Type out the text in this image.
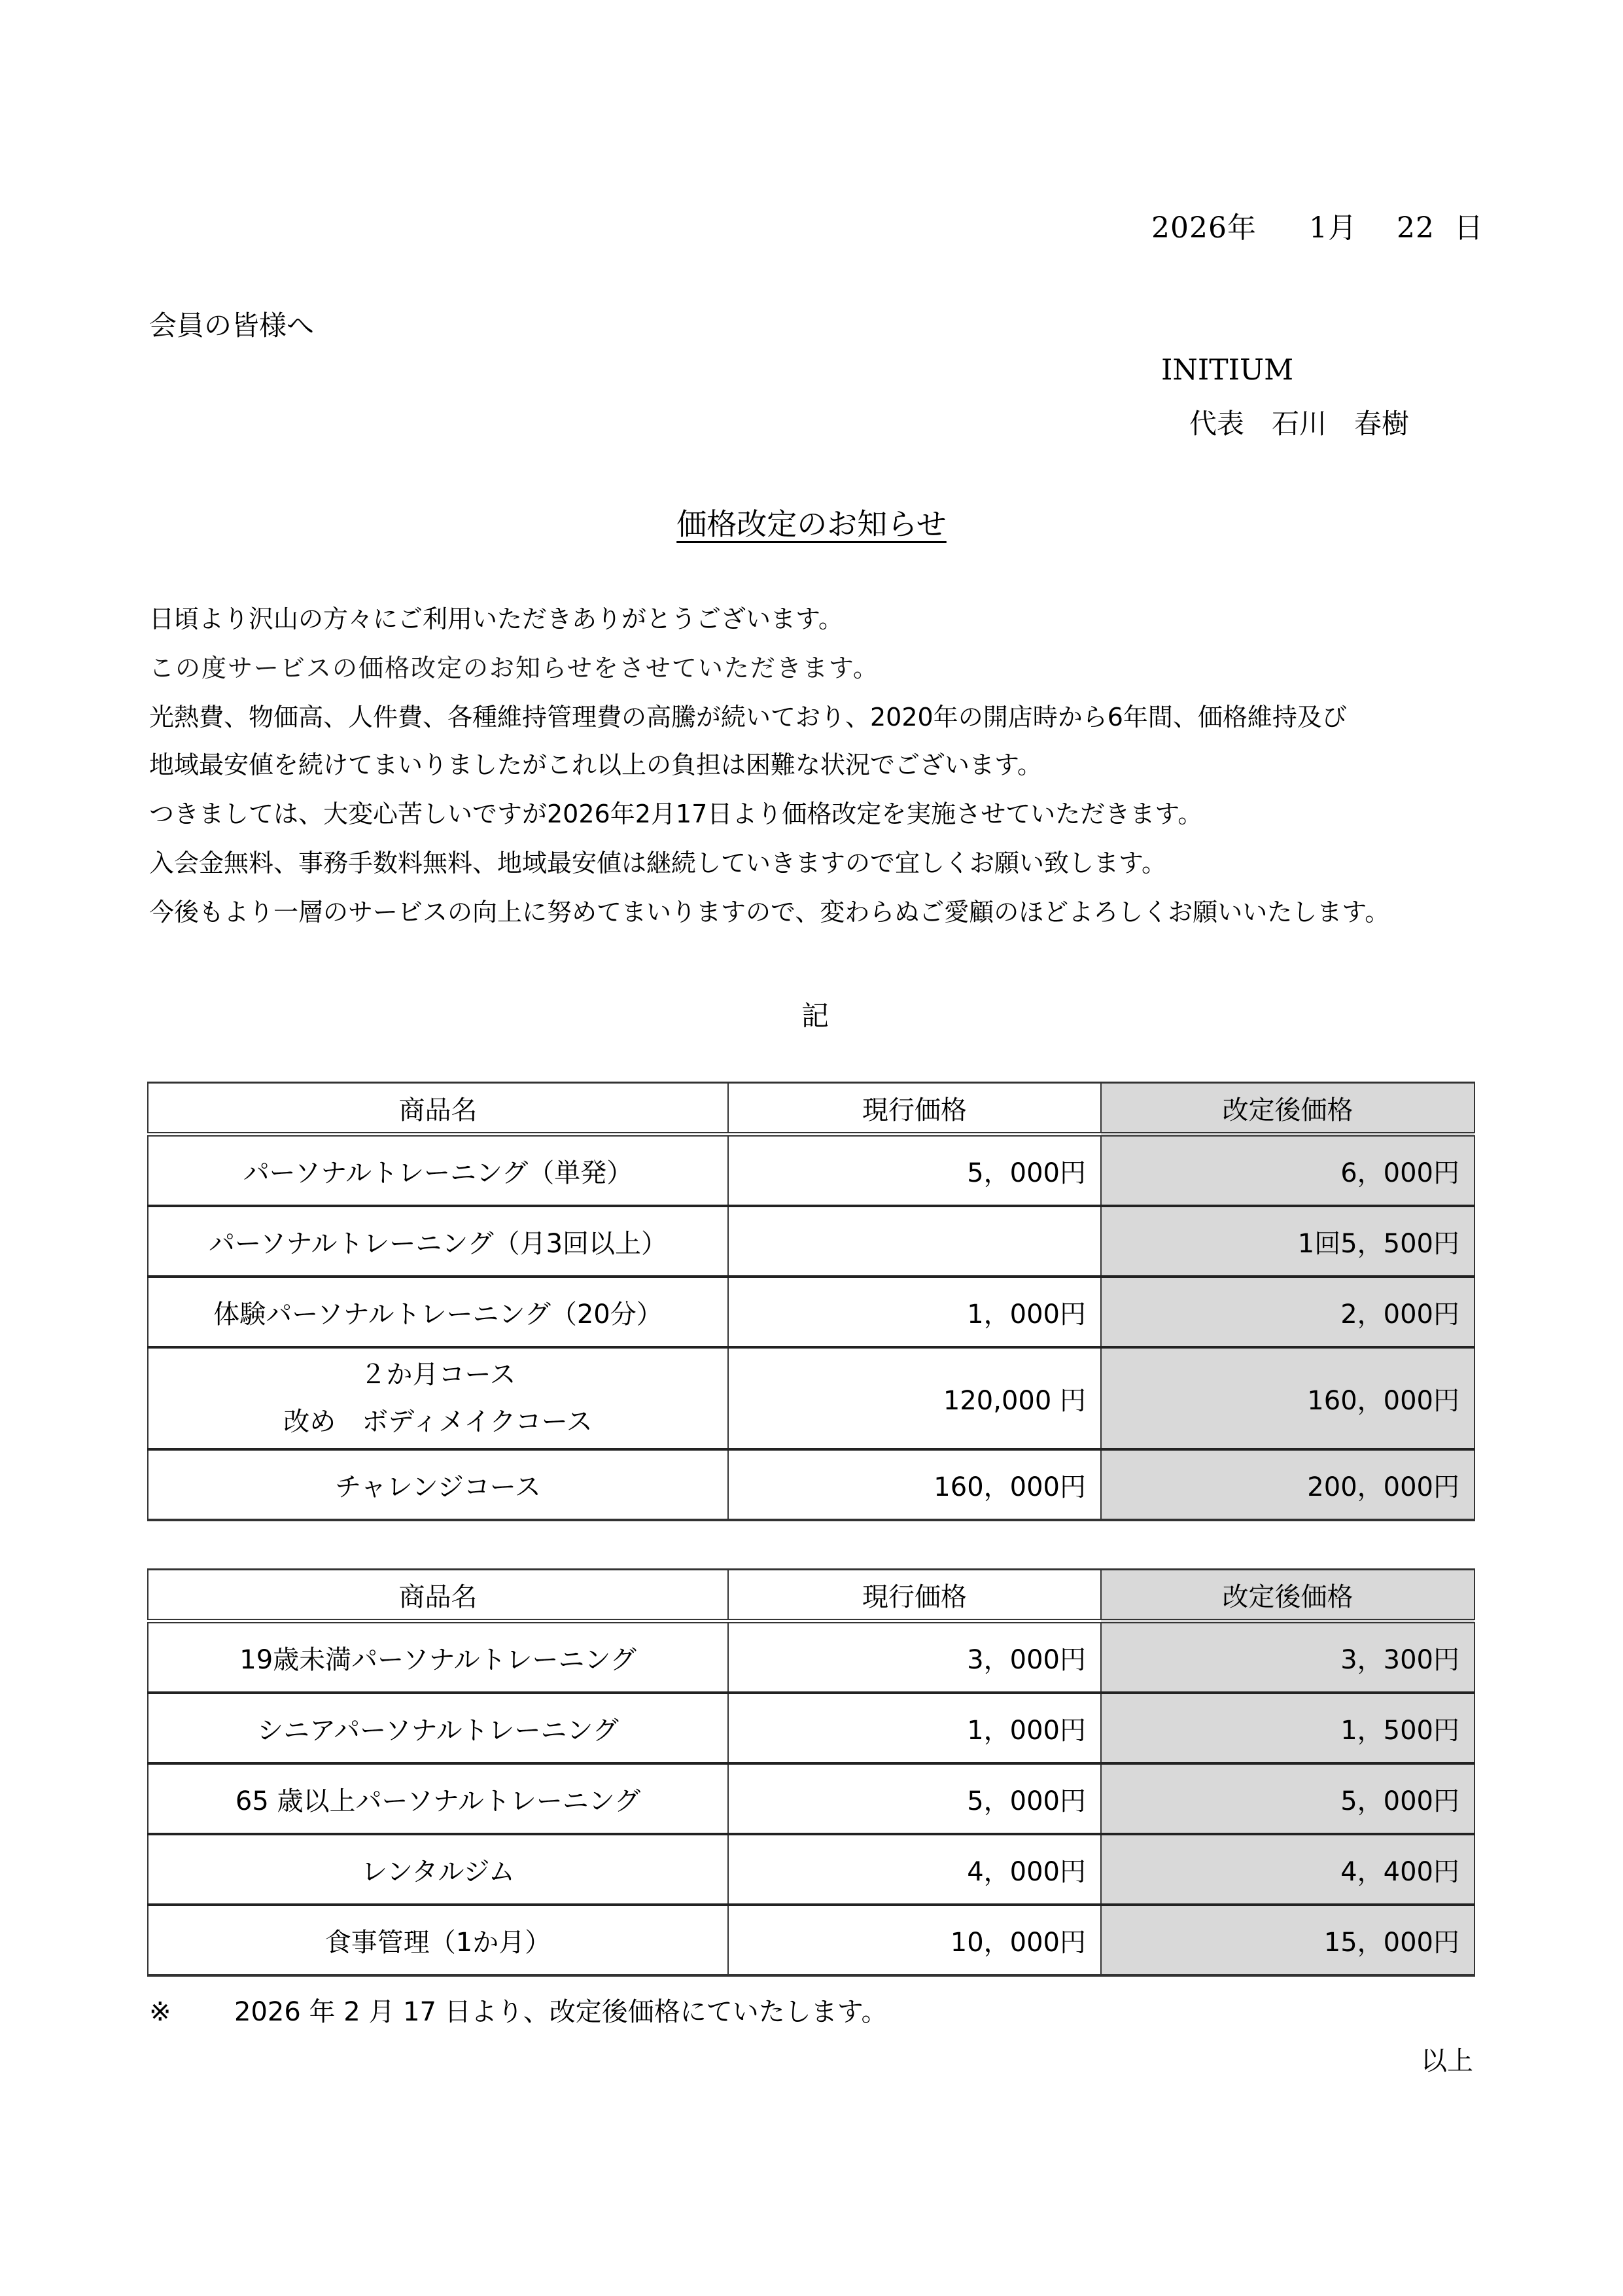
2026年 1月 22 日
会員の皆様へ
INITIUM
代表　石川　春樹
価格改定のお知らせ
日頃より沢山の方々にご利用いただきありがとうございます。
この度サービスの価格改定のお知らせをさせていただきます。
光熱費、物価高、人件費、各種維持管理費の高騰が続いており、2020年の開店時から6年間、価格維持及び
地域最安値を続けてまいりましたがこれ以上の負担は困難な状況でございます。
つきましては、大変心苦しいですが2026年2月17日より価格改定を実施させていただきます。
入会金無料、事務手数料無料、地域最安値は継続していきますので宜しくお願い致します。
今後もより一層のサービスの向上に努めてまいりますので、変わらぬご愛顧のほどよろしくお願いいたします。
記
商品名	現行価格	改定後価格
パーソナルトレーニング（単発）	5，000円	6，000円
パーソナルトレーニング（月3回以上）		1回5，500円
体験パーソナルトレーニング（20分）	1，000円	2，000円

２か月コース
改め　ボディメイクコース	120,000 円	160，000円
チャレンジコース	160，000円	200，000円
商品名	現行価格	改定後価格
19歳未満パーソナルトレーニング	3，000円	3，300円
シニアパーソナルトレーニング	1，000円	1，500円
65 歳以上パーソナルトレーニング	5，000円	5，000円
レンタルジム	4，000円	4，400円
食事管理（1か月）	10，000円	15，000円
※ 2026 年 2 月 17 日より、改定後価格にていたします。
以上
